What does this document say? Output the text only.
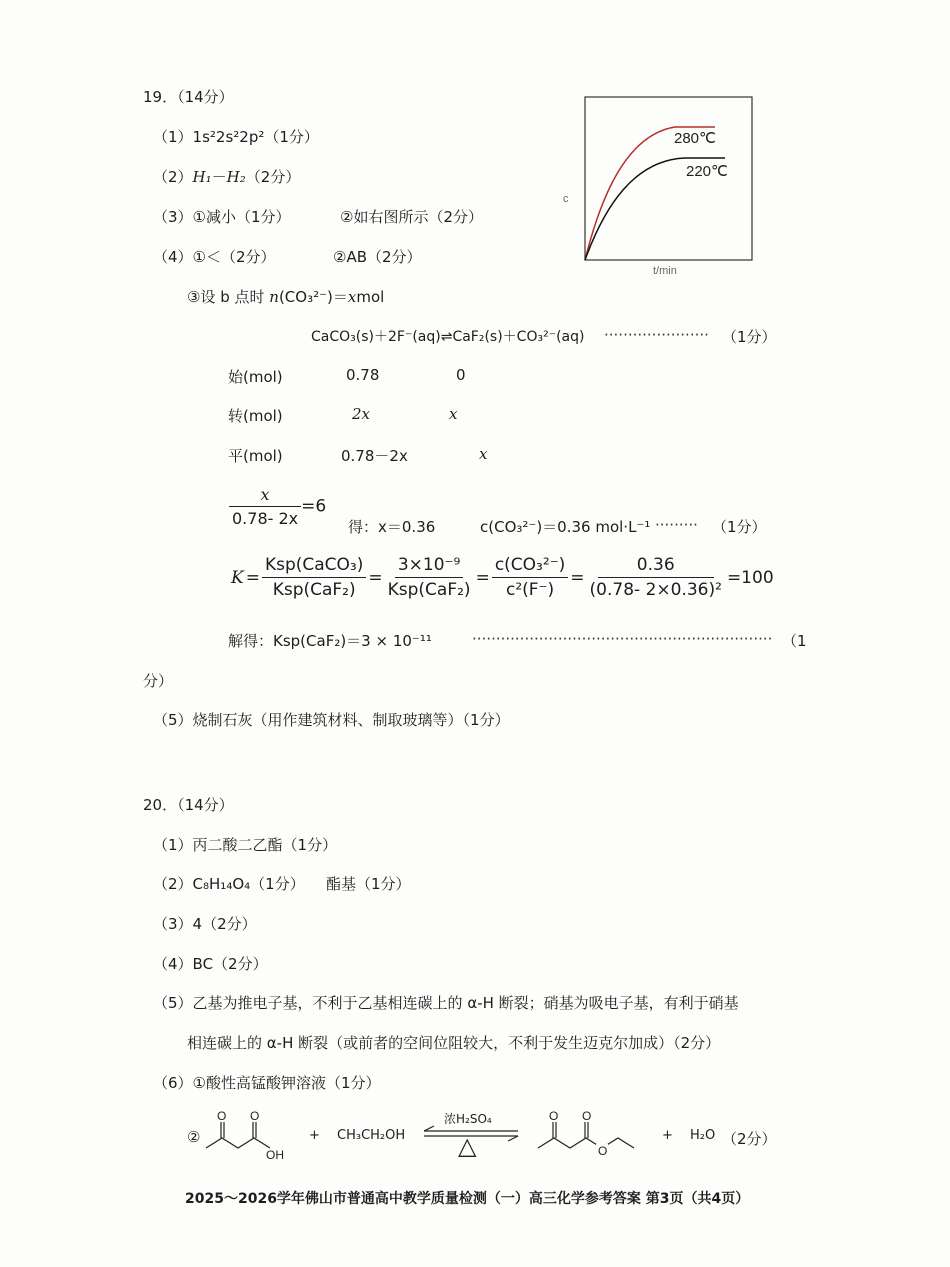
19．（14分）
（1）1s²2s²2p²（1分）
（2）H₁－H₂（2分）
（3）①减小（1分）	②如右图所示（2分）
（4）①＜（2分）	②AB（2分）
③设 b 点时 n(CO₃²⁻)＝xmol
CaCO₃(s)＋2F⁻(aq)⇌CaF₂(s)＋CO₃²⁻(aq) ······················ （1分）
始(mol)	0.78	0
转(mol)	2x	x
平(mol)	0.78－2x	x
$\frac{x}{0.78- 2x} =6$
得：x＝0.36	c(CO₃²⁻)＝0.36 mol·L⁻¹ ········· （1分）
$K = \frac{\text{Ksp(CaCO₃)}}{\text{Ksp(CaF₂)}} = \frac{\text{3×10⁻⁹}}{\text{Ksp(CaF₂)}} = \frac{\text{c(CO₃²⁻)}}{\text{c²(F⁻)}} = \frac{0.36}{\text{(0.78- 2×0.36)²}} =100$
解得：Ksp(CaF₂)＝3 × 10⁻¹¹	······························································· （1
分）
（5）烧制石灰（用作建筑材料、制取玻璃等）（1分）
280℃
220℃
t/min
c
20．（14分）
（1）丙二酸二乙酯（1分）
（2）C₈H₁₄O₄（1分） 酯基（1分）
（3）4（2分）
（4）BC（2分）
（5）乙基为推电子基，不利于乙基相连碳上的 α-H 断裂；硝基为吸电子基，有利于硝基
相连碳上的 α-H 断裂（或前者的空间位阻较大，不利于发生迈克尔加成）（2分）
（6）①酸性高锰酸钾溶液（1分）
②
O O
OH
+ CH₃CH₂OH
浓H₂SO₄
△
O O
O
+ H₂O （2分）
2025～2026学年佛山市普通高中教学质量检测（一）高三化学参考答案 第3页（共4页）
